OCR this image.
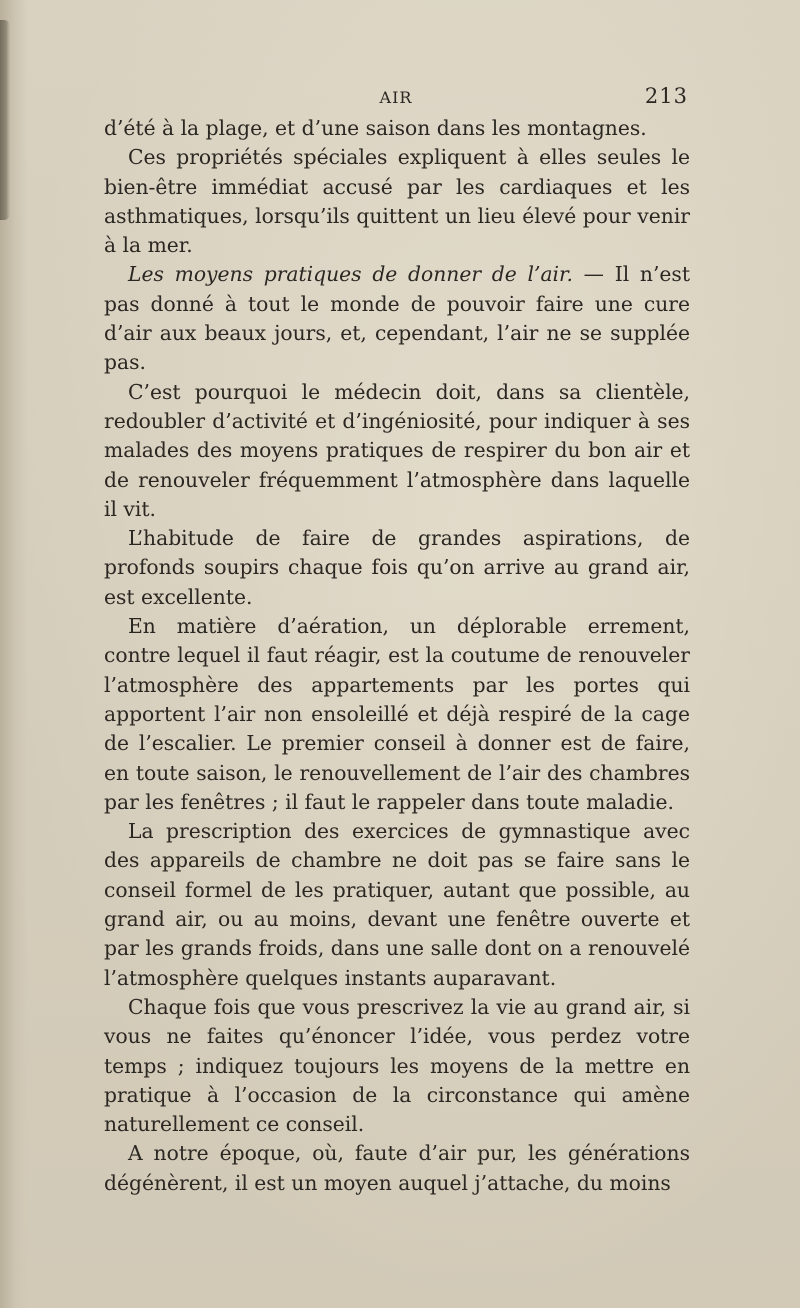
AIR	213

d’été à la plage, et d’une saison dans les montagnes.

Ces propriétés spéciales expliquent à elles seules le bien-être immédiat accusé par les cardiaques et les asthmatiques, lorsqu’ils quittent un lieu élevé pour venir à la mer.

Les moyens pratiques de donner de l’air. — Il n’est pas donné à tout le monde de pouvoir faire une cure d’air aux beaux jours, et, cependant, l’air ne se supplée pas.

C’est pourquoi le médecin doit, dans sa clientèle, redoubler d’activité et d’ingéniosité, pour indiquer à ses malades des moyens pratiques de respirer du bon air et de renouveler fréquemment l’atmosphère dans laquelle il vit.

L’habitude de faire de grandes aspirations, de profonds soupirs chaque fois qu’on arrive au grand air, est excellente.

En matière d’aération, un déplorable errement, contre lequel il faut réagir, est la coutume de renouveler l’atmosphère des appartements par les portes qui apportent l’air non ensoleillé et déjà respiré de la cage de l’escalier. Le premier conseil à donner est de faire, en toute saison, le renouvellement de l’air des chambres par les fenêtres ; il faut le rappeler dans toute maladie.

La prescription des exercices de gymnastique avec des appareils de chambre ne doit pas se faire sans le conseil formel de les pratiquer, autant que possible, au grand air, ou au moins, devant une fenêtre ouverte et par les grands froids, dans une salle dont on a renouvelé l’atmosphère quelques instants auparavant.

Chaque fois que vous prescrivez la vie au grand air, si vous ne faites qu’énoncer l’idée, vous perdez votre temps ; indiquez toujours les moyens de la mettre en pratique à l’occasion de la circonstance qui amène naturellement ce conseil.

A notre époque, où, faute d’air pur, les générations dégénèrent, il est un moyen auquel j’attache, du moins
